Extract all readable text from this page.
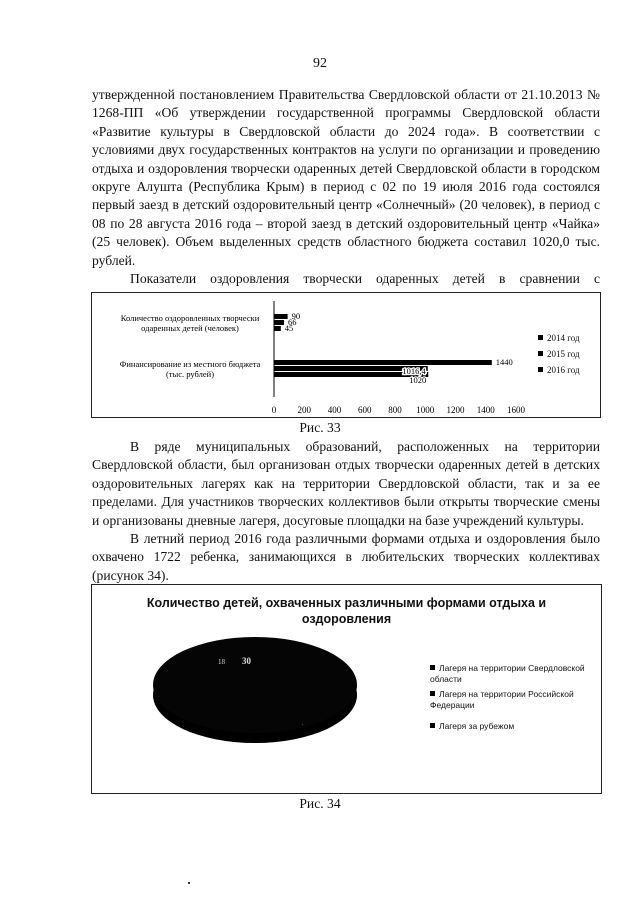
92

утвержденной постановлением Правительства Свердловской области от 21.10.2013 № 1268-ПП «Об утверждении государственной программы Свердловской области «Развитие культуры в Свердловской области до 2024 года». В соответствии с условиями двух государственных контрактов на услуги по организации и проведению отдыха и оздоровления творчески одаренных детей Свердловской области в городском округе Алушта (Республика Крым) в период с 02 по 19 июля 2016 года состоялся первый заезд в детский оздоровительный центр «Солнечный» (20 человек), в период с 08 по 28 августа 2016 года – второй заезд в детский оздоровительный центр «Чайка» (25 человек). Объем выделенных средств областного бюджета составил 1020,0 тыс. рублей.

Показатели оздоровления творчески одаренных детей в сравнении с

90
66
45
1440
1016,4
1020
0 200 400 600 800 1000 1200 1400 1600
Количество оздоровленных творчески одаренных детей (человек)
Финансирование из местного бюджета (тыс. рублей)
2014 год
2015 год
2016 год
Рис. 33

В ряде муниципальных образований, расположенных на территории Свердловской области, был организован отдых творчески одаренных детей в детских оздоровительных лагерях как на территории Свердловской области, так и за ее пределами. Для участников творческих коллективов были открыты творческие смены и организованы дневные лагеря, досуговые площадки на базе учреждений культуры.

В летний период 2016 года различными формами отдыха и оздоровления было охвачено 1722 ребенка, занимающихся в любительских творческих коллективах (рисунок 34).

Количество детей, охваченных различными формами отдыха и оздоровления
18 30
.
Лагеря на территории Свердловской области
Лагеря на территории Российской Федерации
Лагеря за рубежом
Рис. 34
